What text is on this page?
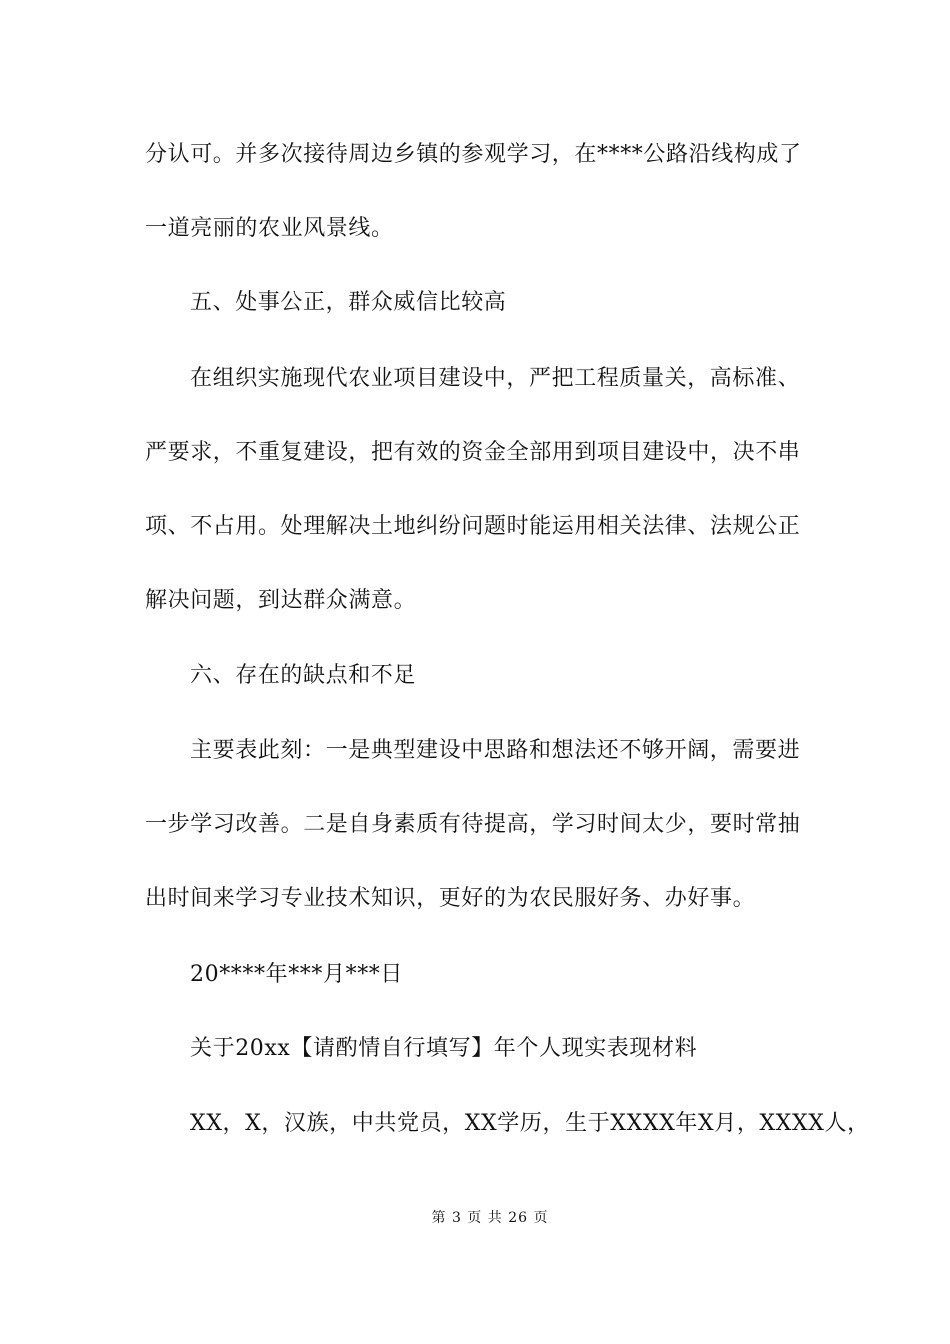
分认可。并多次接待周边乡镇的参观学习，在****公路沿线构成了
一道亮丽的农业风景线。
五、处事公正，群众威信比较高
在组织实施现代农业项目建设中，严把工程质量关，高标准、
严要求，不重复建设，把有效的资金全部用到项目建设中，决不串
项、不占用。处理解决土地纠纷问题时能运用相关法律、法规公正
解决问题，到达群众满意。
六、存在的缺点和不足
主要表此刻：一是典型建设中思路和想法还不够开阔，需要进
一步学习改善。二是自身素质有待提高，学习时间太少，要时常抽
出时间来学习专业技术知识，更好的为农民服好务、办好事。
20****年***月***日
关于20xx【请酌情自行填写】年个人现实表现材料
XX，X，汉族，中共党员，XX学历，生于XXXX年X月，XXXX人，
第 3 页 共 26 页
